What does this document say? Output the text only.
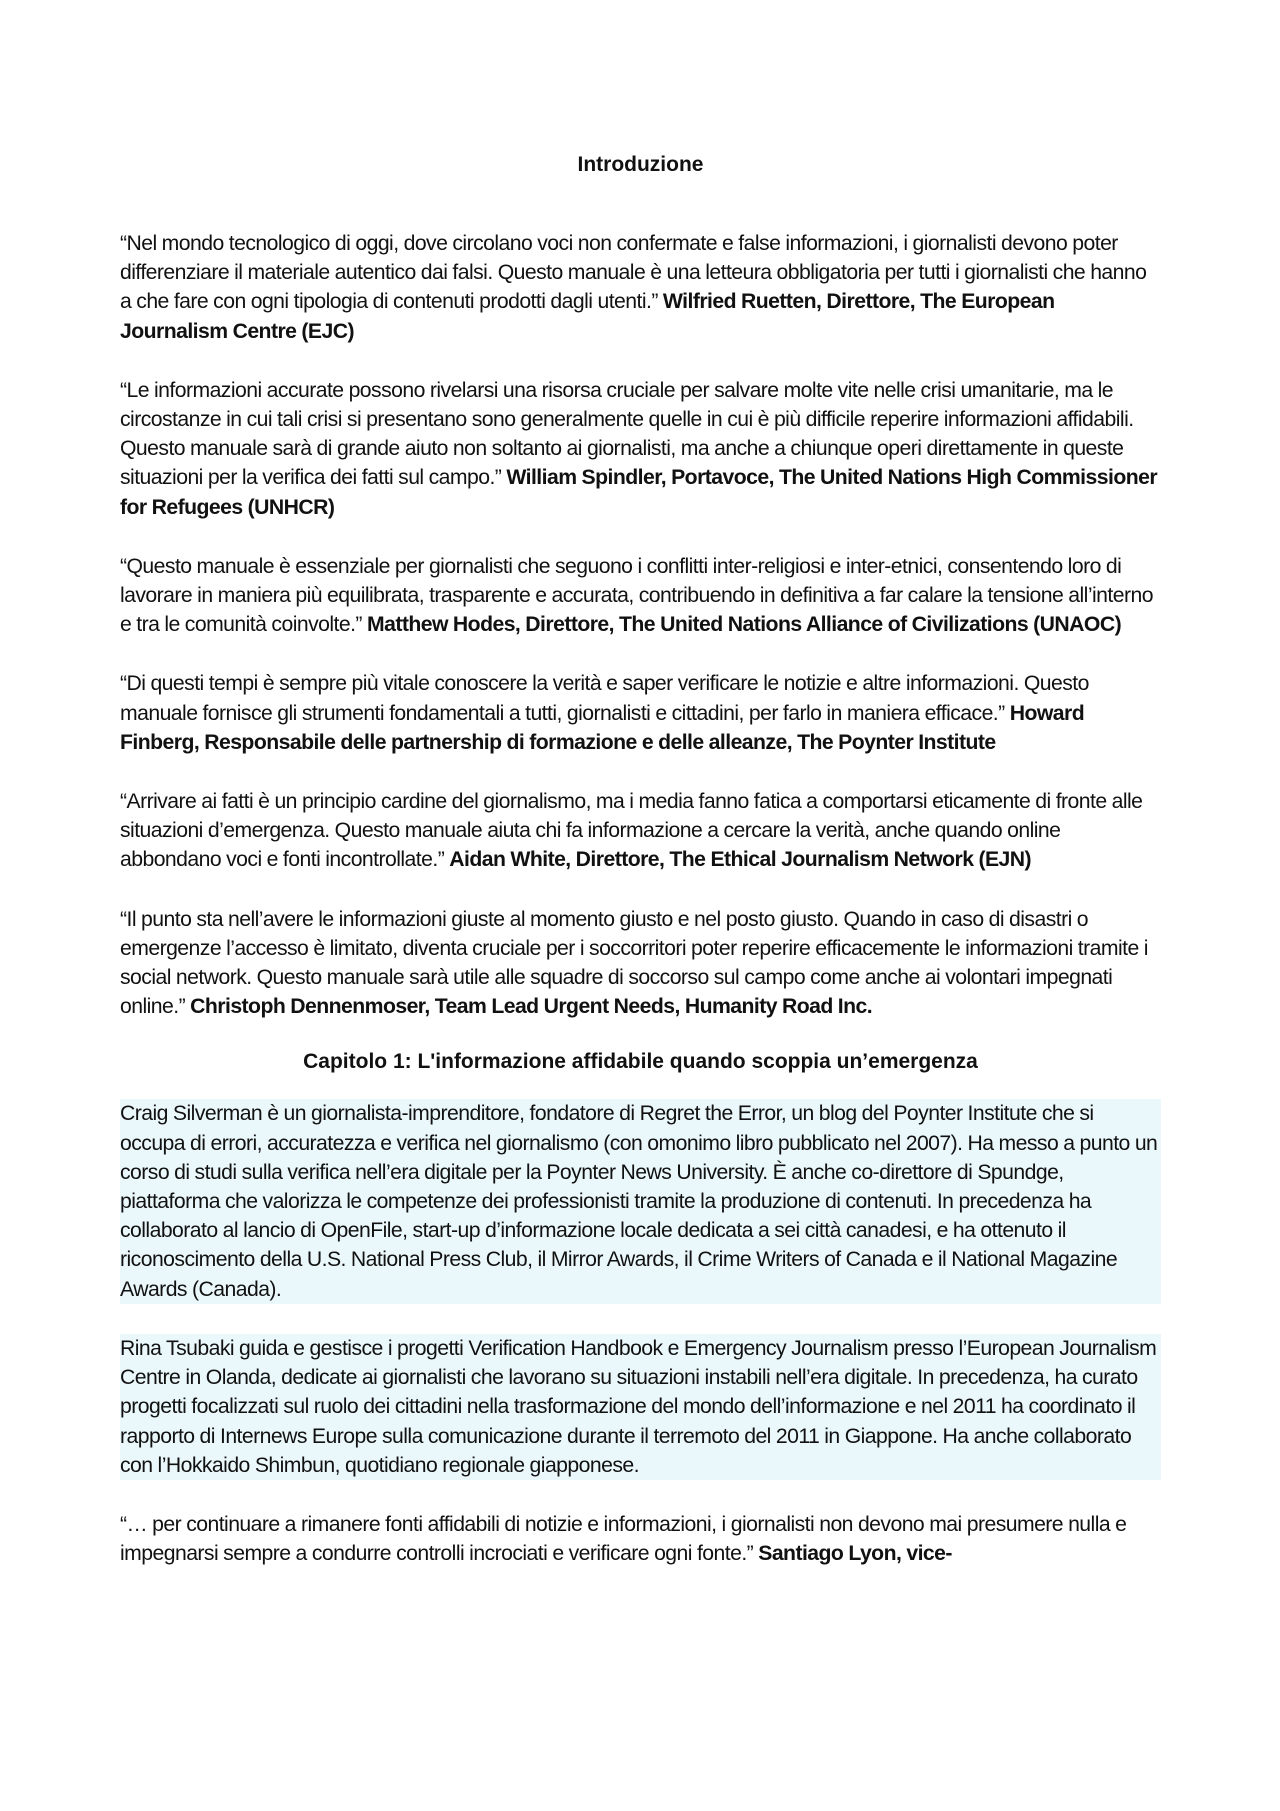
Introduzione

“Nel mondo tecnologico di oggi, dove circolano voci non confermate e false informazioni, i giornalisti devono poter differenziare il materiale autentico dai falsi. Questo manuale è una letteura obbligatoria per tutti i giornalisti che hanno a che fare con ogni tipologia di contenuti prodotti dagli utenti.” Wilfried Ruetten, Direttore, The European Journalism Centre (EJC)

“Le informazioni accurate possono rivelarsi una risorsa cruciale per salvare molte vite nelle crisi umanitarie, ma le circostanze in cui tali crisi si presentano sono generalmente quelle in cui è più difficile reperire informazioni affidabili. Questo manuale sarà di grande aiuto non soltanto ai giornalisti, ma anche a chiunque operi direttamente in queste situazioni per la verifica dei fatti sul campo.” William Spindler, Portavoce, The United Nations High Commissioner for Refugees (UNHCR)

“Questo manuale è essenziale per giornalisti che seguono i conflitti inter-religiosi e inter-etnici, consentendo loro di lavorare in maniera più equilibrata, trasparente e accurata, contribuendo in definitiva a far calare la tensione all’interno e tra le comunità coinvolte.” Matthew Hodes, Direttore, The United Nations Alliance of Civilizations (UNAOC)

“Di questi tempi è sempre più vitale conoscere la verità e saper verificare le notizie e altre informazioni. Questo manuale fornisce gli strumenti fondamentali a tutti, giornalisti e cittadini, per farlo in maniera efficace.” Howard Finberg, Responsabile delle partnership di formazione e delle alleanze, The Poynter Institute

“Arrivare ai fatti è un principio cardine del giornalismo, ma i media fanno fatica a comportarsi eticamente di fronte alle situazioni d’emergenza. Questo manuale aiuta chi fa informazione a cercare la verità, anche quando online abbondano voci e fonti incontrollate.” Aidan White, Direttore, The Ethical Journalism Network (EJN)

“Il punto sta nell’avere le informazioni giuste al momento giusto e nel posto giusto. Quando in caso di disastri o emergenze l’accesso è limitato, diventa cruciale per i soccorritori poter reperire efficacemente le informazioni tramite i social network. Questo manuale sarà utile alle squadre di soccorso sul campo come anche ai volontari impegnati online.” Christoph Dennenmoser, Team Lead Urgent Needs, Humanity Road Inc.

Capitolo 1: L'informazione affidabile quando scoppia un’emergenza

Craig Silverman è un giornalista-imprenditore, fondatore di Regret the Error, un blog del Poynter Institute che si occupa di errori, accuratezza e verifica nel giornalismo (con omonimo libro pubblicato nel 2007). Ha messo a punto un corso di studi sulla verifica nell’era digitale per la Poynter News University. È anche co-direttore di Spundge, piattaforma che valorizza le competenze dei professionisti tramite la produzione di contenuti. In precedenza ha collaborato al lancio di OpenFile, start-up d’informazione locale dedicata a sei città canadesi, e ha ottenuto il riconoscimento della U.S. National Press Club, il Mirror Awards, il Crime Writers of Canada e il National Magazine Awards (Canada).

Rina Tsubaki guida e gestisce i progetti Verification Handbook e Emergency Journalism presso l’European Journalism Centre in Olanda, dedicate ai giornalisti che lavorano su situazioni instabili nell’era digitale. In precedenza, ha curato progetti focalizzati sul ruolo dei cittadini nella trasformazione del mondo dell’informazione e nel 2011 ha coordinato il rapporto di Internews Europe sulla comunicazione durante il terremoto del 2011 in Giappone. Ha anche collaborato con l’Hokkaido Shimbun, quotidiano regionale giapponese.

“… per continuare a rimanere fonti affidabili di notizie e informazioni, i giornalisti non devono mai presumere nulla e impegnarsi sempre a condurre controlli incrociati e verificare ogni fonte.” Santiago Lyon, vice-
